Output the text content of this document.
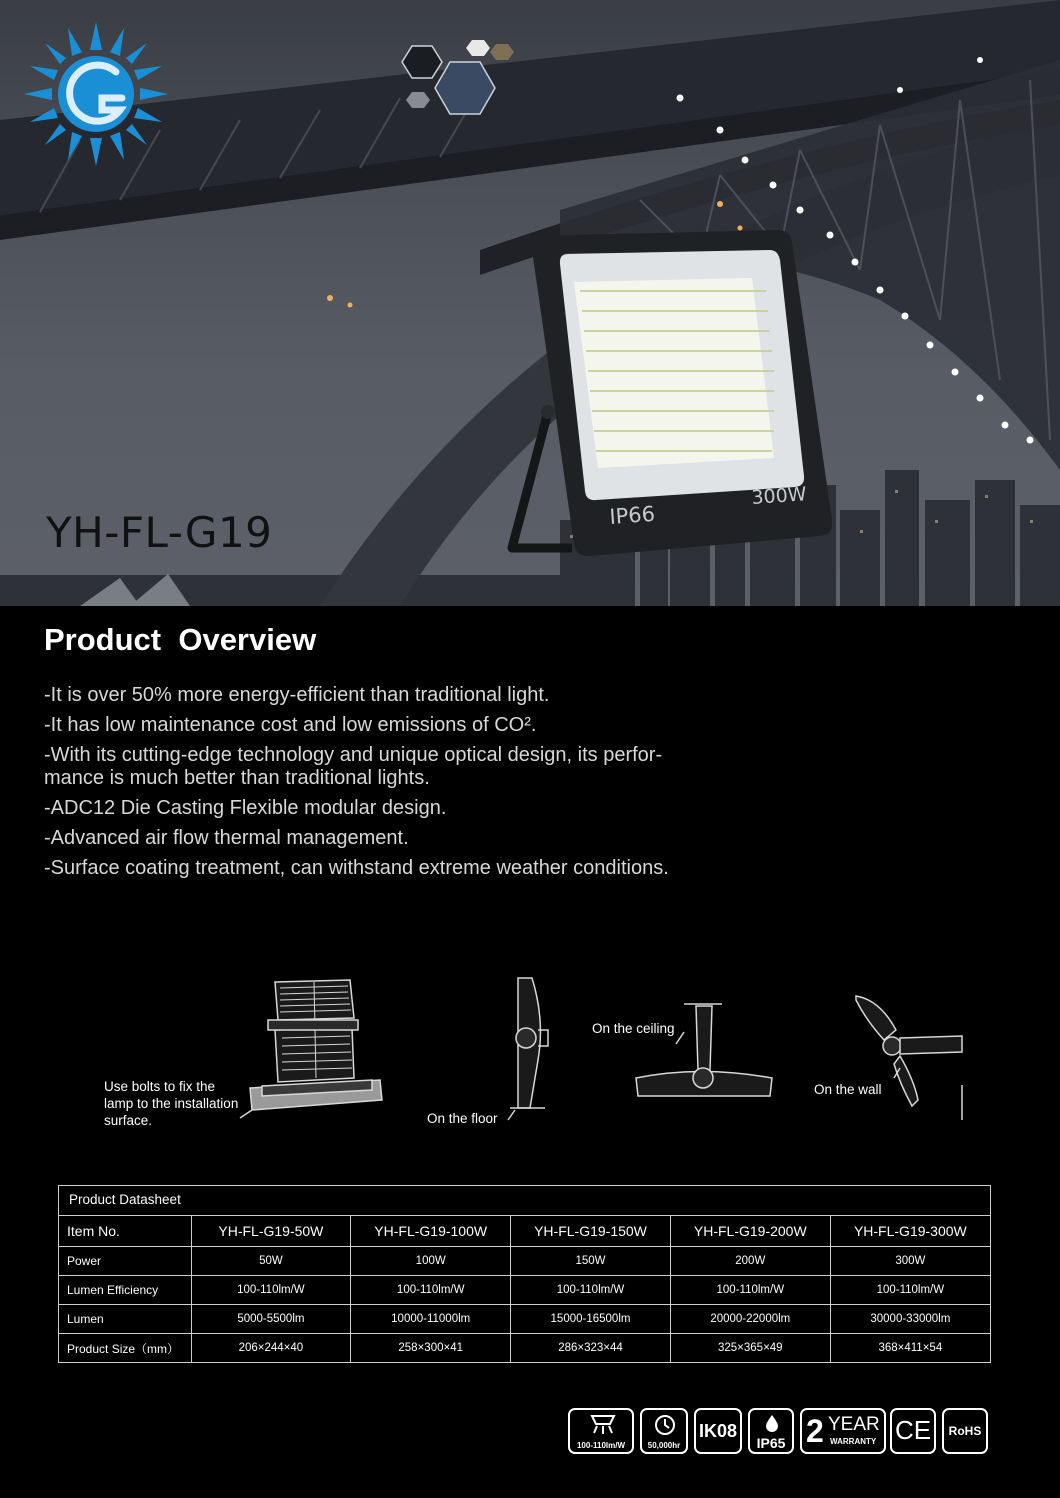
IP66
300W
YH-FL-G19
Product  Overview
-It is over 50% more energy-efficient than traditional light.
-It has low maintenance cost and low emissions of CO².
-With its cutting-edge technology and unique optical design, its perfor-
mance is much better than traditional lights.
-ADC12 Die Casting Flexible modular design.
-Advanced air flow thermal management.
-Surface coating treatment, can withstand extreme weather conditions.
Use bolts to fix the
lamp to the installation
surface.	On the floor
On the ceiling
On the wall
Product Datasheet
Item No.	YH-FL-G19-50W	YH-FL-G19-100W	YH-FL-G19-150W	YH-FL-G19-200W	YH-FL-G19-300W
Power	50W	100W	150W	200W	300W
Lumen Efficiency	100-110lm/W	100-110lm/W	100-110lm/W	100-110lm/W	100-110lm/W
Lumen	5000-5500lm	10000-11000lm	15000-16500lm	20000-22000lm	30000-33000lm
Product Size（mm）	206×244×40	258×300×41	286×323×44	325×365×49	368×411×54
100-110lm/W	50,000hr
IK08
IP65 2 YEAR
WARRANTY CE	RoHS
